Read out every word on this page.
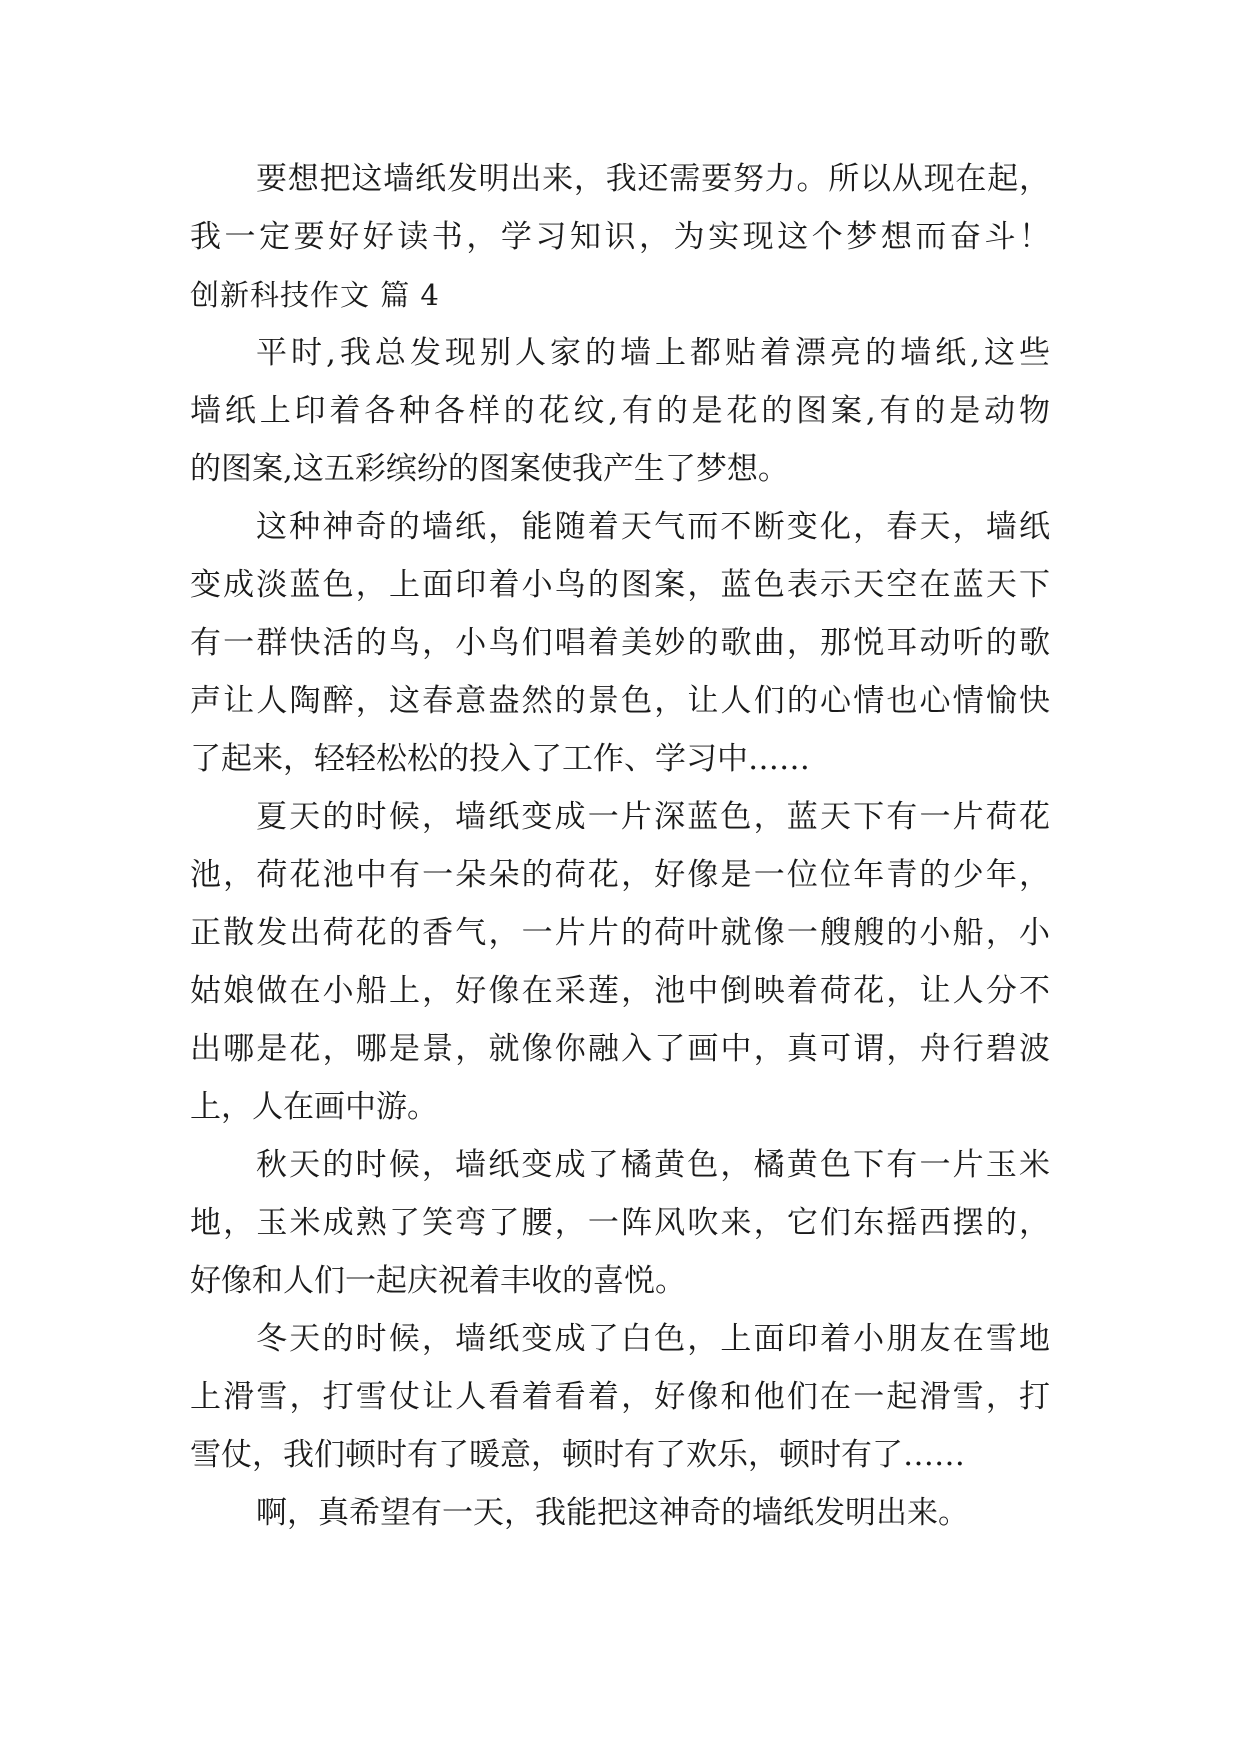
要想把这墙纸发明出来，我还需要努力。所以从现在起，
我一定要好好读书，学习知识，为实现这个梦想而奋斗！
创新科技作文 篇 4
平时,我总发现别人家的墙上都贴着漂亮的墙纸,这些
墙纸上印着各种各样的花纹,有的是花的图案,有的是动物
的图案,这五彩缤纷的图案使我产生了梦想。
这种神奇的墙纸，能随着天气而不断变化，春天，墙纸
变成淡蓝色，上面印着小鸟的图案，蓝色表示天空在蓝天下
有一群快活的鸟，小鸟们唱着美妙的歌曲，那悦耳动听的歌
声让人陶醉，这春意盎然的景色，让人们的心情也心情愉快
了起来，轻轻松松的投入了工作、学习中……
夏天的时候，墙纸变成一片深蓝色，蓝天下有一片荷花
池，荷花池中有一朵朵的荷花，好像是一位位年青的少年，
正散发出荷花的香气，一片片的荷叶就像一艘艘的小船，小
姑娘做在小船上，好像在采莲，池中倒映着荷花，让人分不
出哪是花，哪是景，就像你融入了画中，真可谓，舟行碧波
上，人在画中游。
秋天的时候，墙纸变成了橘黄色，橘黄色下有一片玉米
地，玉米成熟了笑弯了腰，一阵风吹来，它们东摇西摆的，
好像和人们一起庆祝着丰收的喜悦。
冬天的时候，墙纸变成了白色，上面印着小朋友在雪地
上滑雪，打雪仗让人看着看着，好像和他们在一起滑雪，打
雪仗，我们顿时有了暖意，顿时有了欢乐，顿时有了……
啊，真希望有一天，我能把这神奇的墙纸发明出来。
